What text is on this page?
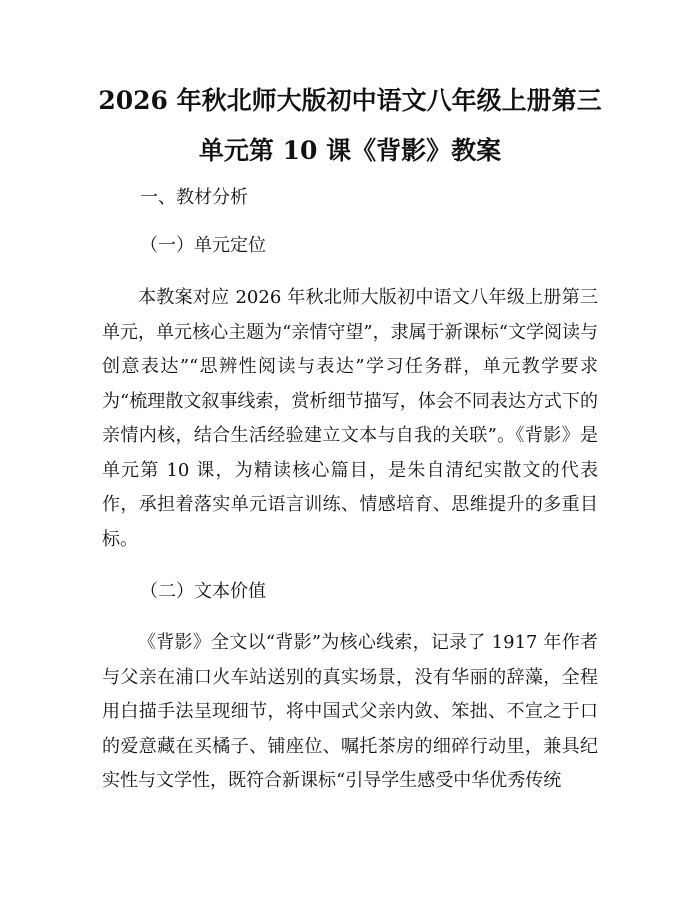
2026 年秋北师大版初中语文八年级上册第三
单元第 10 课《背影》教案
一、教材分析
（一）单元定位

本教案对应 2026 年秋北师大版初中语文八年级上册第三单元，单元核心主题为“亲情守望”，隶属于新课标“文学阅读与创意表达”“思辨性阅读与表达”学习任务群，单元教学要求为“梳理散文叙事线索，赏析细节描写，体会不同表达方式下的亲情内核，结合生活经验建立文本与自我的关联”。《背影》是单元第 10 课，为精读核心篇目，是朱自清纪实散文的代表作，承担着落实单元语言训练、情感培育、思维提升的多重目标。

（二）文本价值

《背影》全文以“背影”为核心线索，记录了 1917 年作者与父亲在浦口火车站送别的真实场景，没有华丽的辞藻，全程用白描手法呈现细节，将中国式父亲内敛、笨拙、不宣之于口的爱意藏在买橘子、铺座位、嘱托茶房的细碎行动里，兼具纪实性与文学性，既符合新课标“引导学生感受中华优秀传统
